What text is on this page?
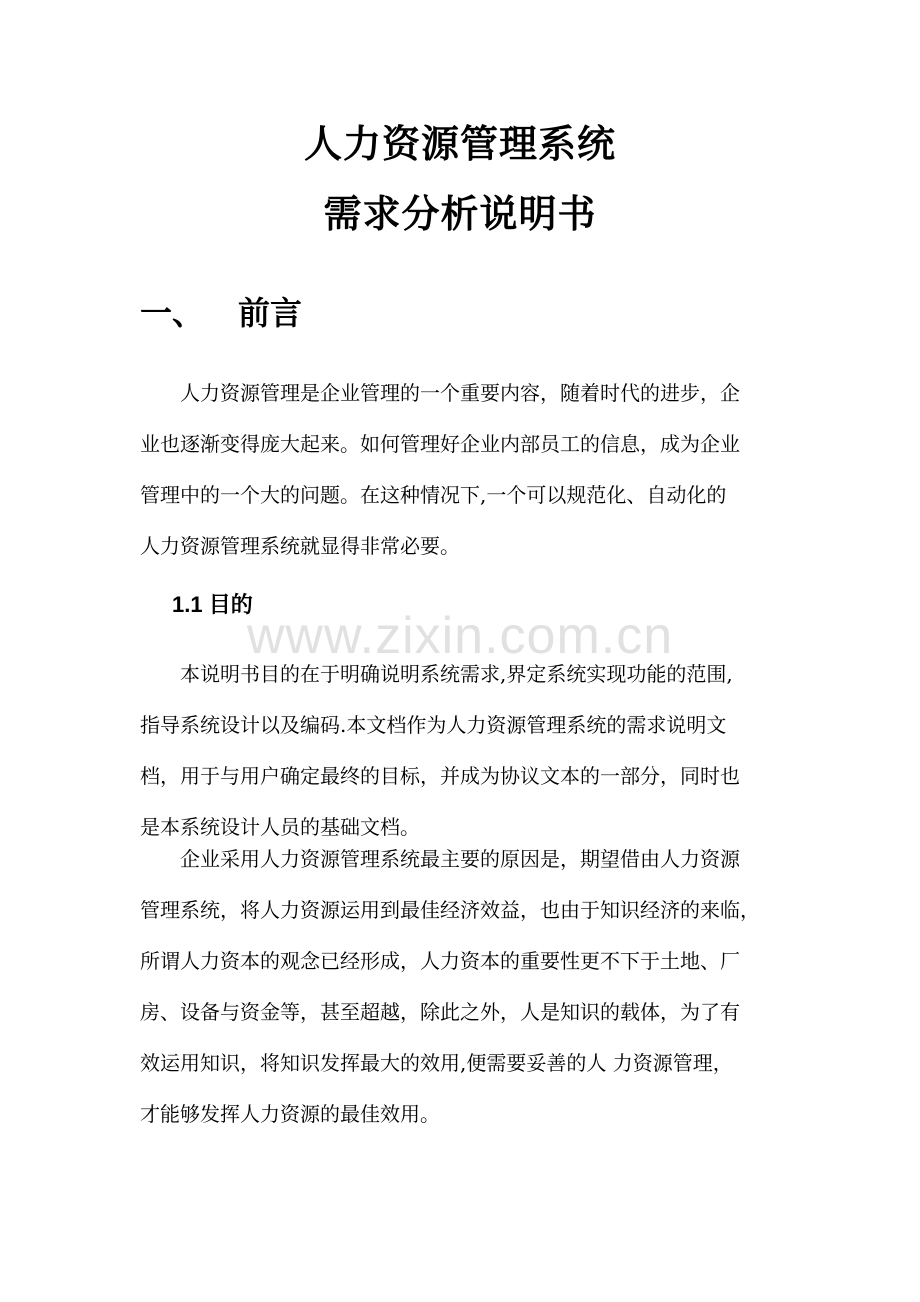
人力资源管理系统
需求分析说明书
一、 前言
人力资源管理是企业管理的一个重要内容，随着时代的进步，企
业也逐渐变得庞大起来。如何管理好企业内部员工的信息，成为企业
管理中的一个大的问题。在这种情况下,一个可以规范化、自动化的
人力资源管理系统就显得非常必要。
1.1 目的
www.zixin.com.cn
本说明书目的在于明确说明系统需求,界定系统实现功能的范围,
指导系统设计以及编码.本文档作为人力资源管理系统的需求说明文
档，用于与用户确定最终的目标，并成为协议文本的一部分，同时也
是本系统设计人员的基础文档。
企业采用人力资源管理系统最主要的原因是，期望借由人力资源
管理系统，将人力资源运用到最佳经济效益，也由于知识经济的来临，
所谓人力资本的观念已经形成，人力资本的重要性更不下于土地、厂
房、设备与资金等，甚至超越，除此之外，人是知识的载体，为了有
效运用知识，将知识发挥最大的效用,便需要妥善的人 力资源管理，
才能够发挥人力资源的最佳效用。
